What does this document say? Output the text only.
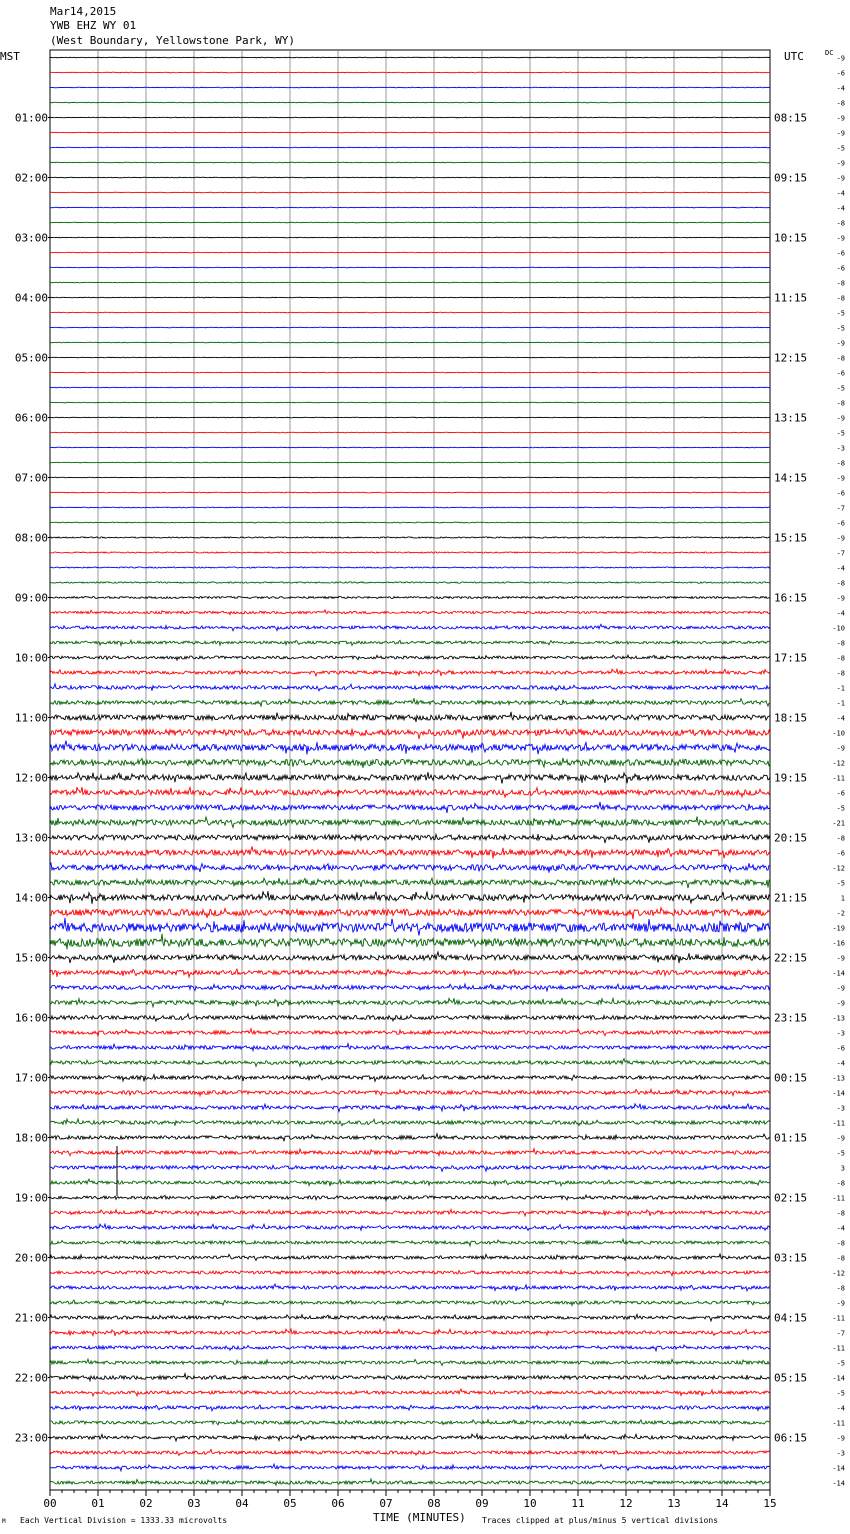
Mar14,2015
YWB EHZ WY 01
(West Boundary, Yellowstone Park, WY)
MST	UTC	DC
01:00
02:00
03:00
04:00
05:00
06:00
07:00
08:00
09:00
10:00
11:00
12:00
13:00
14:00
15:00
16:00
17:00
18:00
19:00
20:00
21:00
22:00
23:00
08:15
09:15
10:15
11:15
12:15
13:15
14:15
15:15
16:15
17:15
18:15
19:15
20:15
21:15
22:15
23:15
00:15
01:15
02:15
03:15
04:15
05:15
06:15
-9
-6
-4
-8
-9
-9
-5
-9
-9
-4
-4
-8
-9
-6
-6
-8
-8
-5
-5
-9
-8
-6
-5
-8
-9
-5
-3
-8
-9
-6
-7
-6
-9
-7
-4
-8
-9
-4
-10
-8
-8
-8
-1
-1
-4
-10
-9
-12
-11
-6
-5
-21
-8
-6
-12
-5
1
-2
-19
-16
-9
-14
-9
-9
-13
-3
-6
-4
-13
-14
-3
-11
-9
-5
3
-8
-11
-8
-4
-8
-8
-12
-8
-9
-11
-7
-11
-5
-14
-5
-4
-11
-9
-3
-14
-14
00	01	02	03	04	05	06	07	08	09	10	11	12	13	14	15
M Each Vertical Division = 1333.33 microvolts	TIME (MINUTES) Traces clipped at plus/minus 5 vertical divisions
